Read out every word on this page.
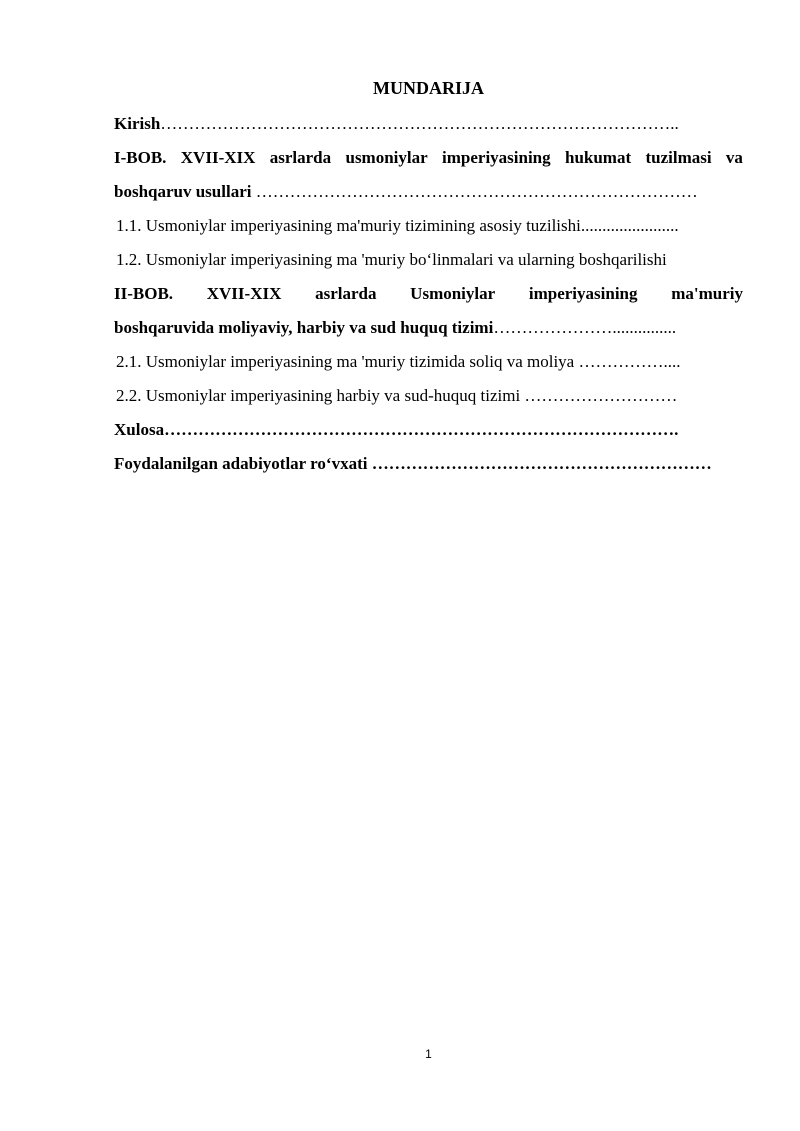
MUNDARIJA
Kirish………………………………………………………………………………..
I-BOB. XVII-XIX asrlarda usmoniylar imperiyasining hukumat tuzilmasi va
boshqaruv usullari ……………………………………………………………………
1.1. Usmoniylar imperiyasining ma'muriy tizimining asosiy tuzilishi.......................
1.2. Usmoniylar imperiyasining ma 'muriy bo‘linmalari va ularning boshqarilishi
II-BOB. XVII-XIX asrlarda Usmoniylar imperiyasining ma'muriy
boshqaruvida moliyaviy, harbiy va sud huquq tizimi…………………...............
2.1. Usmoniylar imperiyasining ma 'muriy tizimida soliq va moliya ……………....
2.2. Usmoniylar imperiyasining harbiy va sud-huquq tizimi ………………………
Xulosa……………………………………………………………………………….
Foydalanilgan adabiyotlar ro‘vxati ……………………………………………………
1
